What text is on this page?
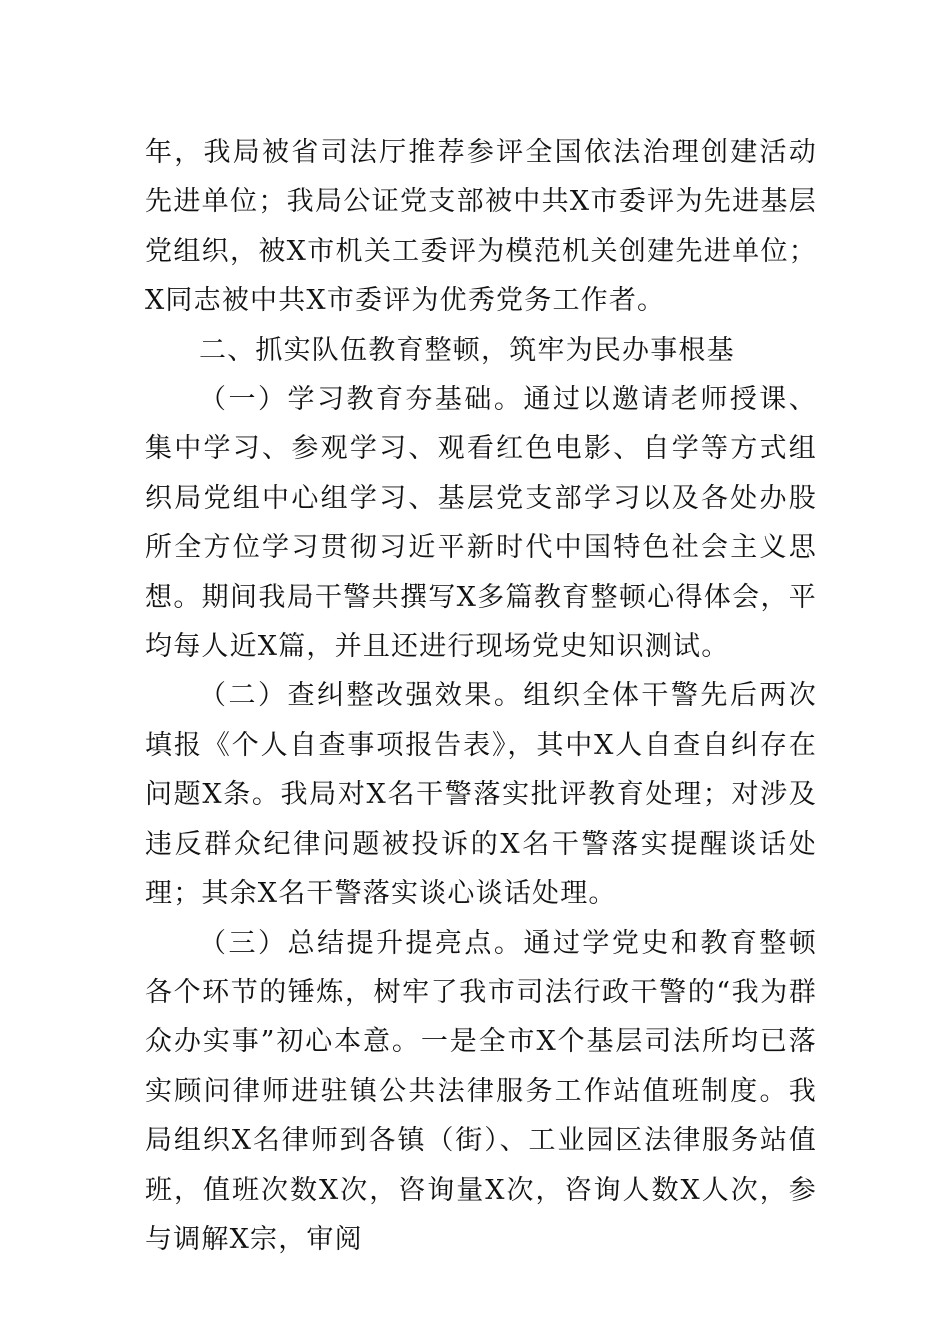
年，我局被省司法厅推荐参评全国依法治理创建活动先进单位；我局公证党支部被中共X市委评为先进基层党组织，被X市机关工委评为模范机关创建先进单位；X同志被中共X市委评为优秀党务工作者。

二、抓实队伍教育整顿，筑牢为民办事根基

（一）学习教育夯基础。通过以邀请老师授课、集中学习、参观学习、观看红色电影、自学等方式组织局党组中心组学习、基层党支部学习以及各处办股所全方位学习贯彻习近平新时代中国特色社会主义思想。期间我局干警共撰写X多篇教育整顿心得体会，平均每人近X篇，并且还进行现场党史知识测试。

（二）查纠整改强效果。组织全体干警先后两次填报《个人自查事项报告表》，其中X人自查自纠存在问题X条。我局对X名干警落实批评教育处理；对涉及违反群众纪律问题被投诉的X名干警落实提醒谈话处理；其余X名干警落实谈心谈话处理。

（三）总结提升提亮点。通过学党史和教育整顿各个环节的锤炼，树牢了我市司法行政干警的“我为群众办实事”初心本意。一是全市X个基层司法所均已落实顾问律师进驻镇公共法律服务工作站值班制度。我局组织X名律师到各镇（街）、工业园区法律服务站值班，值班次数X次，咨询量X次，咨询人数X人次，参与调解X宗，审阅
